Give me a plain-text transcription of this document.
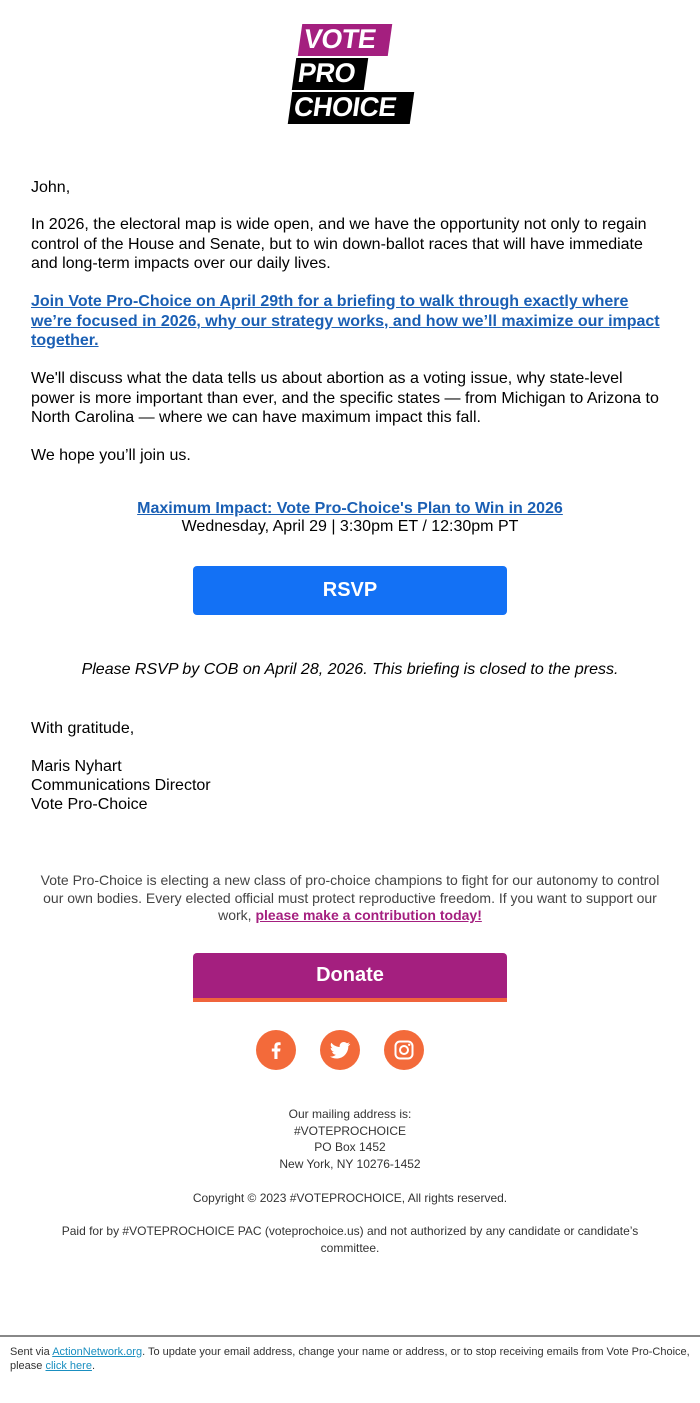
VOTE
PRO
CHOICE
John,
In 2026, the electoral map is wide open, and we have the opportunity not only to regain control of the House and Senate, but to win down-ballot races that will have immediate and long-term impacts over our daily lives.
Join Vote Pro-Choice on April 29th for a briefing to walk through exactly where we’re focused in 2026, why our strategy works, and how we’ll maximize our impact together.
We'll discuss what the data tells us about abortion as a voting issue, why state-level power is more important than ever, and the specific states — from Michigan to Arizona to North Carolina — where we can have maximum impact this fall.
We hope you’ll join us.
Maximum Impact: Vote Pro-Choice's Plan to Win in 2026
Wednesday, April 29 | 3:30pm ET / 12:30pm PT
RSVP
Please RSVP by COB on April 28, 2026. This briefing is closed to the press.
With gratitude,
Maris Nyhart
Communications Director
Vote Pro-Choice
Vote Pro-Choice is electing a new class of pro-choice champions to fight for our autonomy to control our own bodies. Every elected official must protect reproductive freedom. If you want to support our work, please make a contribution today!
Donate
Our mailing address is:
#VOTEPROCHOICE
PO Box 1452
New York, NY 10276-1452
Copyright © 2023 #VOTEPROCHOICE, All rights reserved.
Paid for by #VOTEPROCHOICE PAC (voteprochoice.us) and not authorized by any candidate or candidate’s committee.
Sent via ActionNetwork.org. To update your email address, change your name or address, or to stop receiving emails from Vote Pro-Choice, please click here.
